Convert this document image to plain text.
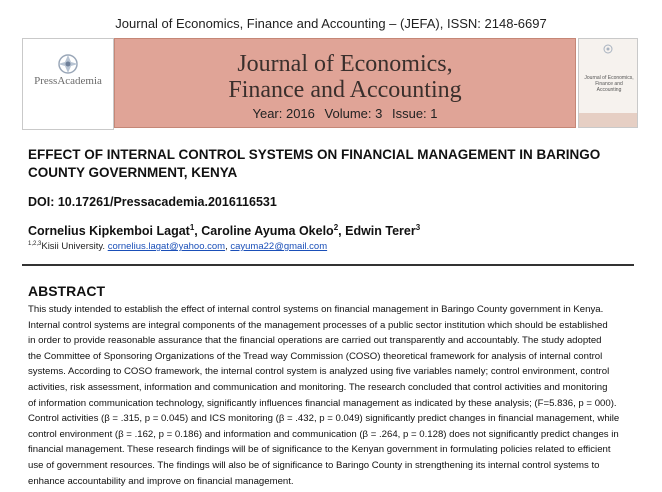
Journal of Economics, Finance and Accounting – (JEFA), ISSN: 2148-6697
PressAcademia
Journal of Economics,
Finance and Accounting
Year: 2016 Volume: 3 Issue: 1
Journal of Economics, Finance and Accounting
EFFECT OF INTERNAL CONTROL SYSTEMS ON FINANCIAL MANAGEMENT IN BARINGO
COUNTY GOVERNMENT, KENYA
DOI: 10.17261/Pressacademia.2016116531
Cornelius Kipkemboi Lagat$^1$, Caroline Ayuma Okelo$^2$, Edwin Terer$^3$
$^{1,2,3}$Kisii University. cornelius.lagat@yahoo.com, cayuma22@gmail.com
ABSTRACT
This study intended to establish the effect of internal control systems on financial management in Baringo County government in Kenya.
Internal control systems are integral components of the management processes of a public sector institution which should be established
in order to provide reasonable assurance that the financial operations are carried out transparently and accountably. The study adopted
the Committee of Sponsoring Organizations of the Tread way Commission (COSO) theoretical framework for analysis of internal control
systems. According to COSO framework, the internal control system is analyzed using five variables namely; control environment, control
activities, risk assessment, information and communication and monitoring. The research concluded that control activities and monitoring
of information communication technology, significantly influences financial management as indicated by these analysis; (F=5.836, p = 000).
Control activities (β = .315, p = 0.045) and ICS monitoring (β = .432, p = 0.049) significantly predict changes in financial management, while
control environment (β = .162, p = 0.186) and information and communication (β = .264, p = 0.128) does not significantly predict changes in
financial management. These research findings will be of significance to the Kenyan government in formulating policies related to efficient
use of government resources. The findings will also be of significance to Baringo County in strengthening its internal control systems to
enhance accountability and improve on financial management.
